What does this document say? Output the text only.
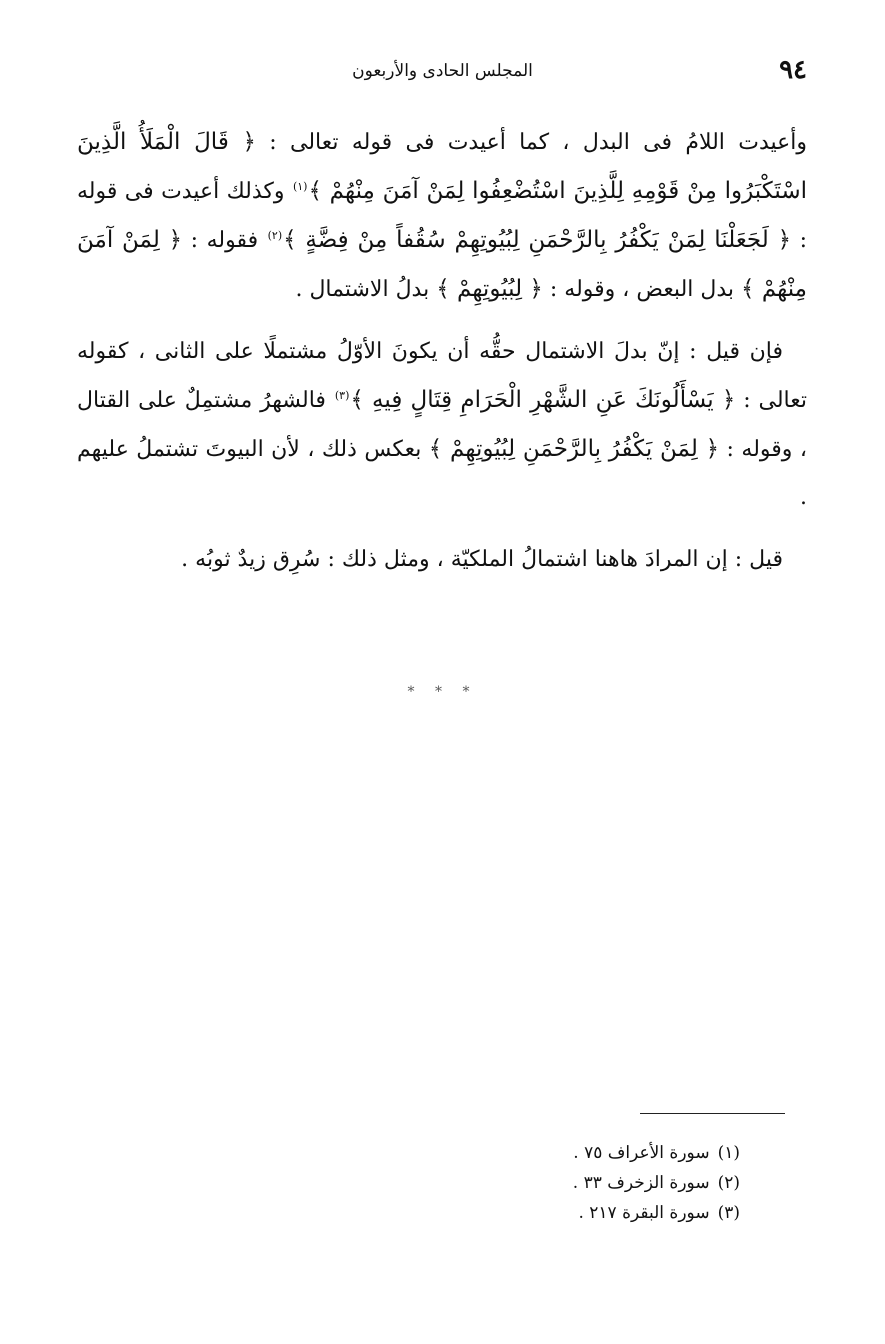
٩٤
المجلس الحادى والأربعون

وأعيدت اللامُ فى البدل ، كما أعيدت فى قوله تعالى : ﴿ قَالَ الْمَلَأُ الَّذِينَ اسْتَكْبَرُوا مِنْ قَوْمِهِ لِلَّذِينَ اسْتُضْعِفُوا لِمَنْ آمَنَ مِنْهُمْ ﴾$^{(١)}$ وكذلك أعيدت فى قوله : ﴿ لَجَعَلْنَا لِمَنْ يَكْفُرُ بِالرَّحْمَنِ لِبُيُوتِهِمْ سُقُفاً مِنْ فِضَّةٍ ﴾$^{(٢)}$ فقوله : ﴿ لِمَنْ آمَنَ مِنْهُمْ ﴾ بدل البعض ، وقوله : ﴿ لِبُيُوتِهِمْ ﴾ بدلُ الاشتمال .

فإن قيل : إنّ بدلَ الاشتمال حقُّه أن يكونَ الأوّلُ مشتملًا على الثانى ، كقوله تعالى : ﴿ يَسْأَلُونَكَ عَنِ الشَّهْرِ الْحَرَامِ قِتَالٍ فِيهِ ﴾$^{(٣)}$ فالشهرُ مشتمِلٌ على القتال ، وقوله : ﴿ لِمَنْ يَكْفُرُ بِالرَّحْمَنِ لِبُيُوتِهِمْ ﴾ بعكس ذلك ، لأن البيوتَ تشتملُ عليهم .

قيل : إن المرادَ هاهنا اشتمالُ الملكيّة ، ومثل ذلك : سُرِق زيدٌ ثوبُه .

* * *
(١)سورة الأعراف ٧٥ .
(٢)سورة الزخرف ٣٣ .
(٣)سورة البقرة ٢١٧ .
